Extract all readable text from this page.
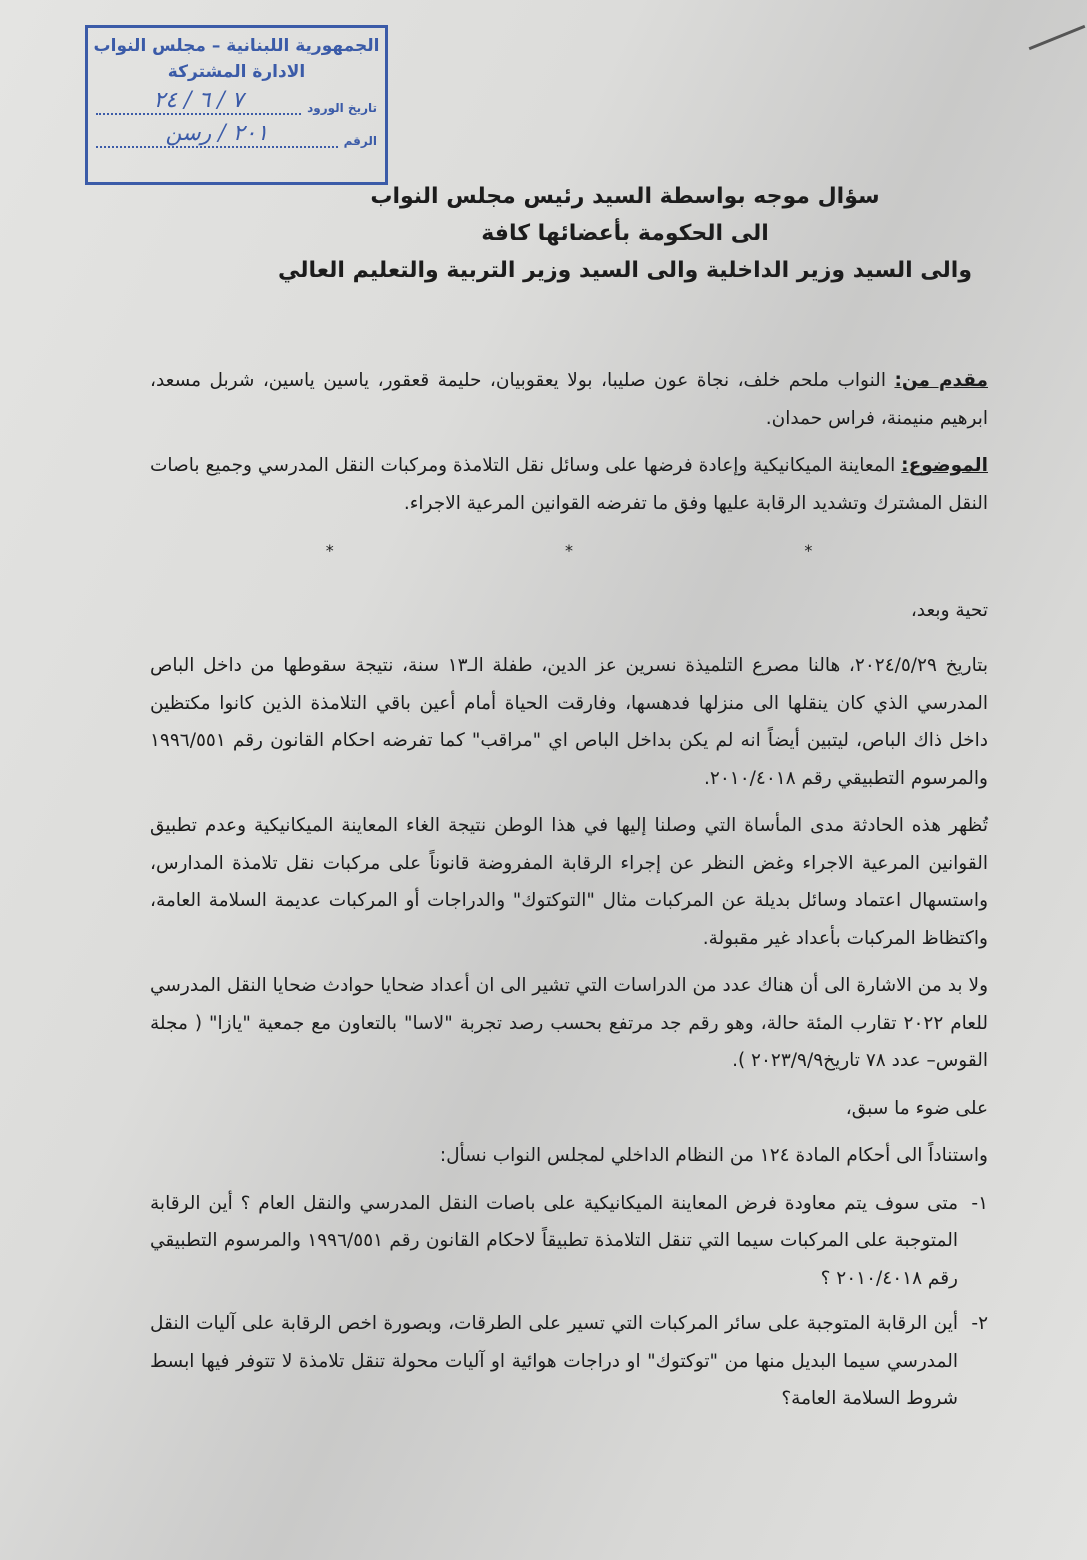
الجمهورية اللبنانية – مجلس النواب
الادارة المشتركة
تاريخ الورود
٧ / ٦ / ٢٤
الرقم
٢٠١ / رسن
سؤال موجه بواسطة السيد رئيس مجلس النواب
الى الحكومة بأعضائها كافة
والى السيد وزير الداخلية والى السيد وزير التربية والتعليم العالي

مقدم من: النواب ملحم خلف، نجاة عون صليبا، بولا يعقوبيان، حليمة قعقور، ياسين ياسين، شربل مسعد، ابرهيم منيمنة، فراس حمدان.

الموضوع: المعاينة الميكانيكية وإعادة فرضها على وسائل نقل التلامذة ومركبات النقل المدرسي وجميع باصات النقل المشترك وتشديد الرقابة عليها وفق ما تفرضه القوانين المرعية الاجراء.

*
*
*

تحية وبعد،

بتاريخ ٢٠٢٤/٥/٢٩، هالنا مصرع التلميذة نسرين عز الدين، طفلة الـ١٣ سنة، نتيجة سقوطها من داخل الباص المدرسي الذي كان ينقلها الى منزلها فدهسها، وفارقت الحياة أمام أعين باقي التلامذة الذين كانوا مكتظين داخل ذاك الباص، ليتبين أيضاً انه لم يكن بداخل الباص اي "مراقب" كما تفرضه احكام القانون رقم ١٩٩٦/٥٥١ والمرسوم التطبيقي رقم ٢٠١٠/٤٠١٨.

تُظهر هذه الحادثة مدى المأساة التي وصلنا إليها في هذا الوطن نتيجة الغاء المعاينة الميكانيكية وعدم تطبيق القوانين المرعية الاجراء وغض النظر عن إجراء الرقابة المفروضة قانوناً على مركبات نقل تلامذة المدارس، واستسهال اعتماد وسائل بديلة عن المركبات مثال "التوكتوك" والدراجات أو المركبات عديمة السلامة العامة، واكتظاظ المركبات بأعداد غير مقبولة.

ولا بد من الاشارة الى أن هناك عدد من الدراسات التي تشير الى ان أعداد ضحايا حوادث ضحايا النقل المدرسي للعام ٢٠٢٢ تقارب المئة حالة، وهو رقم جد مرتفع بحسب رصد تجربة "لاسا" بالتعاون مع جمعية "يازا" ( مجلة القوس– عدد ٧٨ تاريخ٢٠٢٣/٩/٩ ).

على ضوء ما سبق،

واستناداً الى أحكام المادة ١٢٤ من النظام الداخلي لمجلس النواب نسأل:

١-
متى سوف يتم معاودة فرض المعاينة الميكانيكية على باصات النقل المدرسي والنقل العام ؟ أين الرقابة المتوجبة على المركبات سيما التي تنقل التلامذة تطبيقاً لاحكام القانون رقم ١٩٩٦/٥٥١ والمرسوم التطبيقي رقم ٢٠١٠/٤٠١٨ ؟
٢-
أين الرقابة المتوجبة على سائر المركبات التي تسير على الطرقات، وبصورة اخص الرقابة على آليات النقل المدرسي سيما البديل منها من "توكتوك" او دراجات هوائية او آليات محولة تنقل تلامذة لا تتوفر فيها ابسط شروط السلامة العامة؟
